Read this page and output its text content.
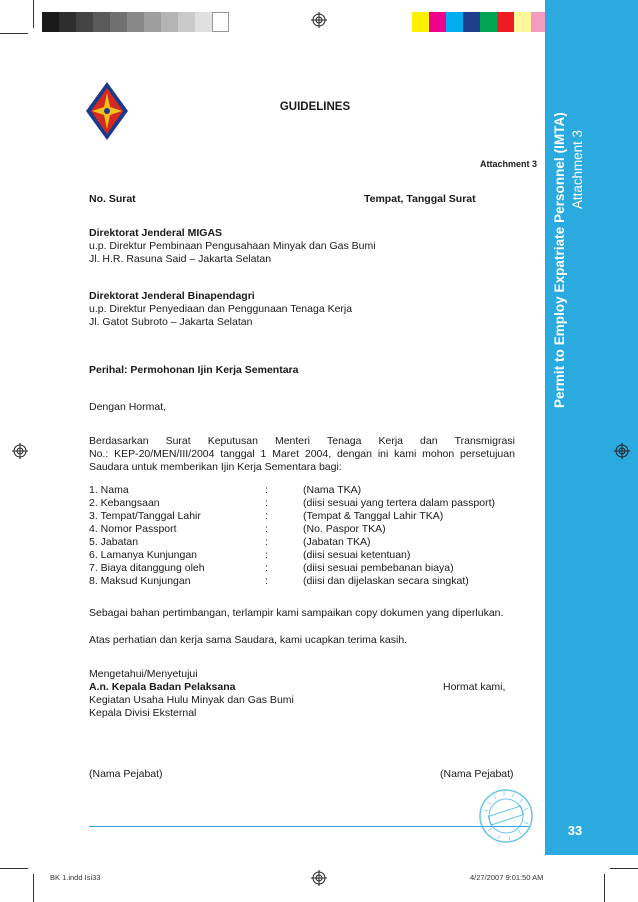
Permit to Employ Expatriate Personnel (IMTA) Attachment 3
33
GUIDELINES
Attachment 3
No. Surat	Tempat, Tanggal Surat
Direktorat Jenderal MIGAS
u.p. Direktur Pembinaan Pengusahaan Minyak dan Gas Bumi
Jl. H.R. Rasuna Said – Jakarta Selatan
Direktorat Jenderal Binapendagri
u.p. Direktur Penyediaan dan Penggunaan Tenaga Kerja
Jl. Gatot Subroto – Jakarta Selatan
Perihal: Permohonan Ijin Kerja Sementara
Dengan Hormat,
Berdasarkan Surat Keputusan Menteri Tenaga Kerja dan Transmigrasi
No.: KEP-20/MEN/III/2004 tanggal 1 Maret 2004, dengan ini kami mohon persetujuan
Saudara untuk memberikan Ijin Kerja Sementara bagi:
1. Nama	:	(Nama TKA)
2. Kebangsaan	:	(diisi sesuai yang tertera dalam passport)
3. Tempat/Tanggal Lahir	:	(Tempat & Tanggal Lahir TKA)
4. Nomor Passport	:	(No. Paspor TKA)
5. Jabatan	:	(Jabatan TKA)
6. Lamanya Kunjungan	:	(diisi sesuai ketentuan)
7. Biaya ditanggung oleh	:	(diisi sesuai pembebanan biaya)
8. Maksud Kunjungan	:	(diisi dan dijelaskan secara singkat)
Sebagai bahan pertimbangan, terlampir kami sampaikan copy dokumen yang diperlukan.
Atas perhatian dan kerja sama Saudara, kami ucapkan terima kasih.
Mengetahui/Menyetujui
A.n. Kepala Badan Pelaksana	Hormat kami,
Kegiatan Usaha Hulu Minyak dan Gas Bumi
Kepala Divisi Eksternal
(Nama Pejabat)	(Nama Pejabat)
BK 1.indd Isi33	4/27/2007 9:01:50 AM
